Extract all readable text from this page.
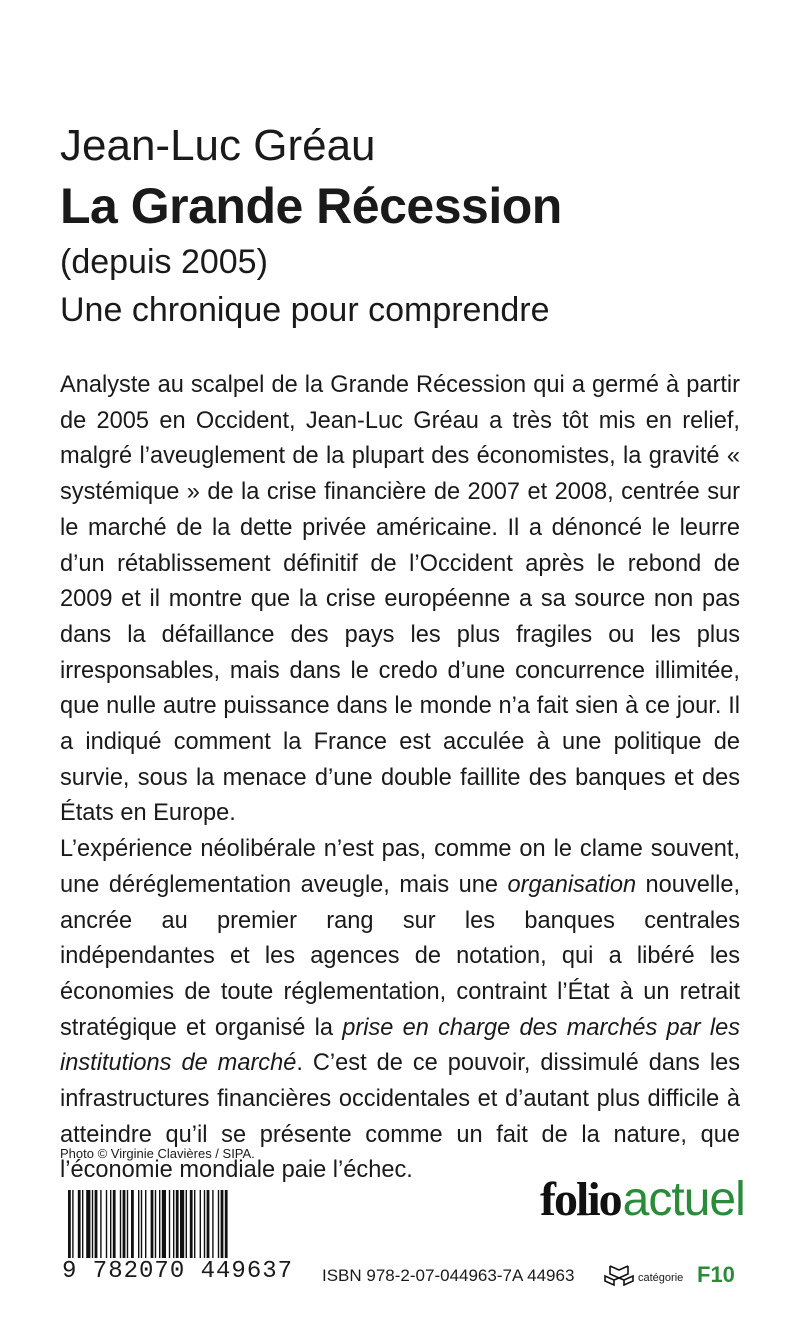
Jean-Luc Gréau

La Grande Récession

(depuis 2005)

Une chronique pour comprendre

Analyste au scalpel de la Grande Récession qui a germé à partir de 2005 en Occident, Jean-Luc Gréau a très tôt mis en relief, malgré l’aveuglement de la plupart des économistes, la gravité « systémique » de la crise financière de 2007 et 2008, centrée sur le marché de la dette privée américaine. Il a dénoncé le leurre d’un rétablissement définitif de l’Occident après le rebond de 2009 et il montre que la crise européenne a sa source non pas dans la défaillance des pays les plus fragiles ou les plus irresponsables, mais dans le credo d’une concurrence illimitée, que nulle autre puissance dans le monde n’a fait sien à ce jour. Il a indiqué comment la France est acculée à une politique de survie, sous la menace d’une double faillite des banques et des États en Europe.

L’expérience néolibérale n’est pas, comme on le clame souvent, une déréglementation aveugle, mais une organisation nouvelle, ancrée au premier rang sur les banques centrales indépendantes et les agences de notation, qui a libéré les économies de toute réglementation, contraint l’État à un retrait stratégique et organisé la prise en charge des marchés par les institutions de marché. C’est de ce pouvoir, dissimulé dans les infrastructures financières occidentales et d’autant plus difficile à atteindre qu’il se présente comme un fait de la nature, que l’économie mondiale paie l’échec.

Photo © Virginie Clavières / SIPA.
9 782070 449637
folioactuel
ISBN 978-2-07-044963-7 A 44963	catégorie F10
